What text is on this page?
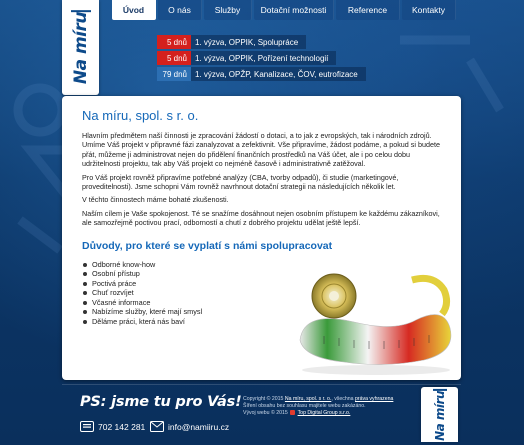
Na míru
Úvod	O nás	Služby	Dotační možnosti	Reference	Kontakty
5 dnů	1. výzva, OPPIK, Spolupráce
5 dnů	1. výzva, OPPIK, Pořízení technologií
79 dnů	1. výzva, OPŽP, Kanalizace, ČOV, eutrofizace
Na míru, spol. s r. o.

Hlavním předmětem naší činnosti je zpracování žádostí o dotaci, a to jak z evropských, tak i národních zdrojů. Umíme Váš projekt v připravné fázi zanalyzovat a zefektivnit. Vše připravíme, žádost podáme, a pokud si budete přát, můžeme ji administrovat nejen do přidělení finančních prostředků na Váš účet, ale i po celou dobu udržitelnosti projektu, tak aby Váš projekt co nejméně časově i administrativně zatěžoval.

Pro Váš projekt rovněž připravíme potřebné analýzy (CBA, tvorby odpadů), či studie (marketingové, proveditelnosti). Jsme schopni Vám rovněž navrhnout dotační strategii na následujících několik let.

V těchto činnostech máme bohaté zkušenosti.

Naším cílem je Vaše spokojenost. Té se snažíme dosáhnout nejen osobním přístupem ke každému zákazníkovi, ale samozřejmě poctivou prací, odborností a chutí z dobrého projektu udělat ještě lepší.

Důvody, pro které se vyplatí s námi spolupracovat
Odborné know-how
Osobní přístup
Poctivá práce
Chuť rozvíjet
Včasné informace
Nabízíme služby, které mají smysl
Děláme práci, která nás baví
PS: jsme tu pro Vás!
702 142 281	info@namiiru.cz
Copyright © 2015 Na míru, spol. s r. o., všechna práva vyhrazena
Šíření obsahu bez souhlasu majitele webu zakázáno.
Vývoj webu © 2015 Top Digital Group s.r.o.	Na míru
